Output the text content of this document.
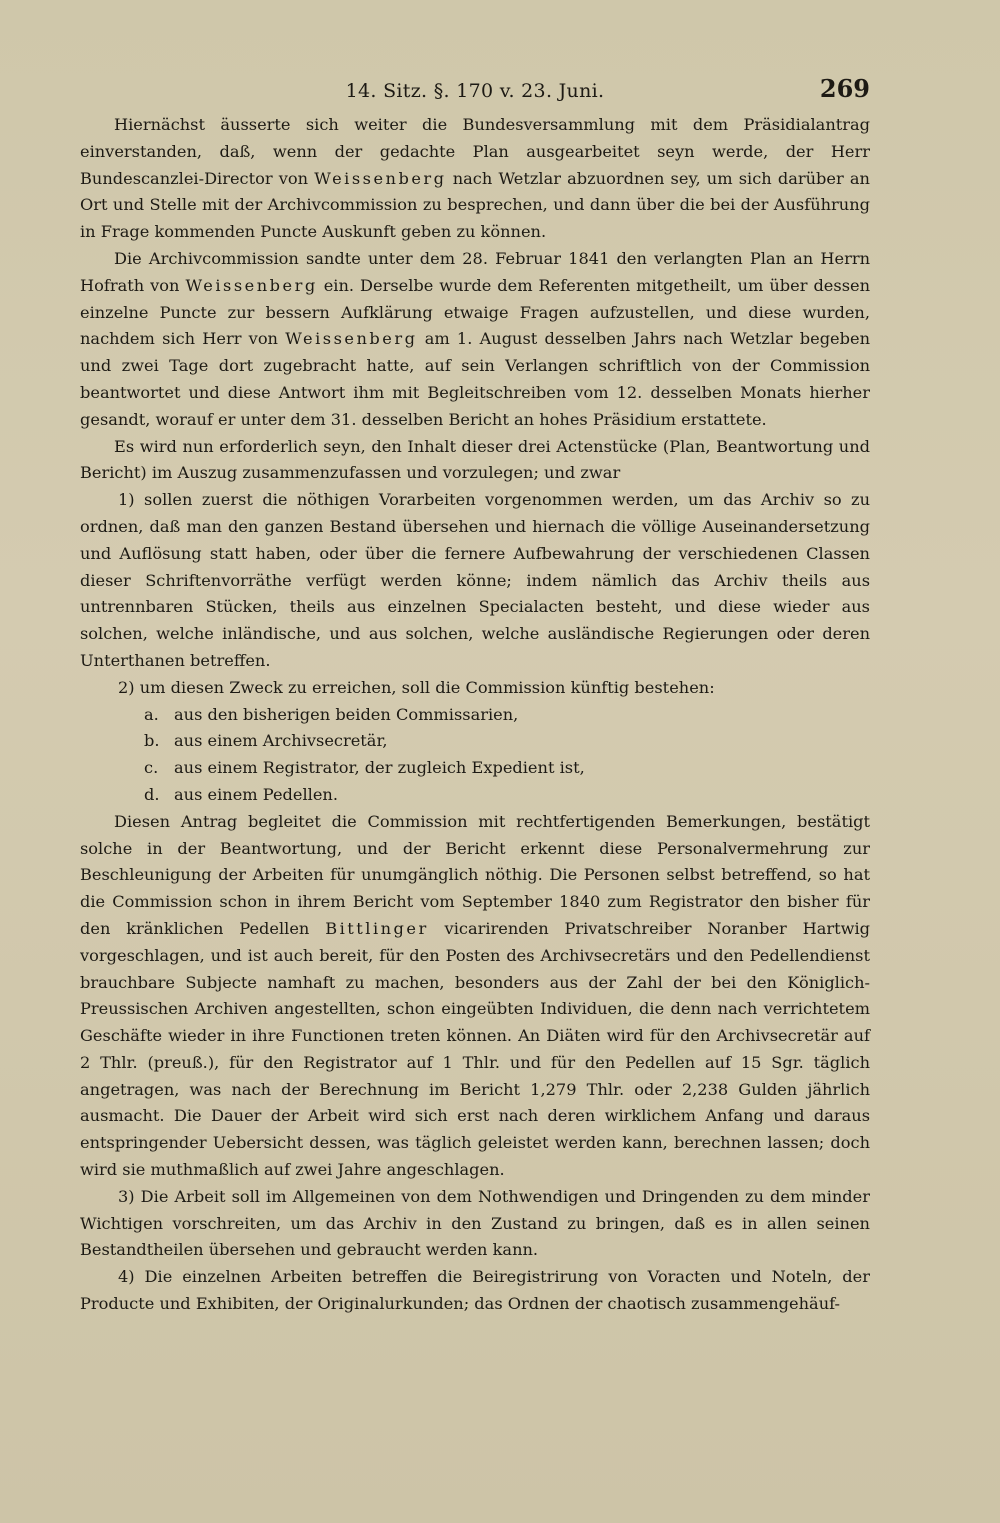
14. Sitz. §. 170 v. 23. Juni.	269

Hiernächst äusserte sich weiter die Bundesversammlung mit dem Präsidialantrag einverstanden, daß, wenn der gedachte Plan ausgearbeitet seyn werde, der Herr Bundescanzlei-Director von Weissenberg nach Wetzlar abzuordnen sey, um sich darüber an Ort und Stelle mit der Archivcommission zu besprechen, und dann über die bei der Ausführung in Frage kommenden Puncte Auskunft geben zu können.

Die Archivcommission sandte unter dem 28. Februar 1841 den verlangten Plan an Herrn Hofrath von Weissenberg ein. Derselbe wurde dem Referenten mitgetheilt, um über dessen einzelne Puncte zur bessern Aufklärung etwaige Fragen aufzustellen, und diese wurden, nachdem sich Herr von Weissenberg am 1. August desselben Jahrs nach Wetzlar begeben und zwei Tage dort zugebracht hatte, auf sein Verlangen schriftlich von der Commission beantwortet und diese Antwort ihm mit Begleitschreiben vom 12. desselben Monats hierher gesandt, worauf er unter dem 31. desselben Bericht an hohes Präsidium erstattete.

Es wird nun erforderlich seyn, den Inhalt dieser drei Actenstücke (Plan, Beantwortung und Bericht) im Auszug zusammenzufassen und vorzulegen; und zwar

1) sollen zuerst die nöthigen Vorarbeiten vorgenommen werden, um das Archiv so zu ordnen, daß man den ganzen Bestand übersehen und hiernach die völlige Auseinandersetzung und Auflösung statt haben, oder über die fernere Aufbewahrung der verschiedenen Classen dieser Schriftenvorräthe verfügt werden könne; indem nämlich das Archiv theils aus untrennbaren Stücken, theils aus einzelnen Specialacten besteht, und diese wieder aus solchen, welche inländische, und aus solchen, welche ausländische Regierungen oder deren Unterthanen betreffen.

2) um diesen Zweck zu erreichen, soll die Commission künftig bestehen:

a. aus den bisherigen beiden Commissarien,
b. aus einem Archivsecretär,
c. aus einem Registrator, der zugleich Expedient ist,
d. aus einem Pedellen.

Diesen Antrag begleitet die Commission mit rechtfertigenden Bemerkungen, bestätigt solche in der Beantwortung, und der Bericht erkennt diese Personalvermehrung zur Beschleunigung der Arbeiten für unumgänglich nöthig. Die Personen selbst betreffend, so hat die Commission schon in ihrem Bericht vom September 1840 zum Registrator den bisher für den kränklichen Pedellen Bittlinger vicarirenden Privatschreiber Noranber Hartwig vorgeschlagen, und ist auch bereit, für den Posten des Archivsecretärs und den Pedellendienst brauchbare Subjecte namhaft zu machen, besonders aus der Zahl der bei den Königlich-Preussischen Archiven angestellten, schon eingeübten Individuen, die denn nach verrichtetem Geschäfte wieder in ihre Functionen treten können. An Diäten wird für den Archivsecretär auf 2 Thlr. (preuß.), für den Registrator auf 1 Thlr. und für den Pedellen auf 15 Sgr. täglich angetragen, was nach der Berechnung im Bericht 1,279 Thlr. oder 2,238 Gulden jährlich ausmacht. Die Dauer der Arbeit wird sich erst nach deren wirklichem Anfang und daraus entspringender Uebersicht dessen, was täglich geleistet werden kann, berechnen lassen; doch wird sie muthmaßlich auf zwei Jahre angeschlagen.

3) Die Arbeit soll im Allgemeinen von dem Nothwendigen und Dringenden zu dem minder Wichtigen vorschreiten, um das Archiv in den Zustand zu bringen, daß es in allen seinen Bestandtheilen übersehen und gebraucht werden kann.

4) Die einzelnen Arbeiten betreffen die Beiregistrirung von Voracten und Noteln, der Producte und Exhibiten, der Originalurkunden; das Ordnen der chaotisch zusammengehäuf-
